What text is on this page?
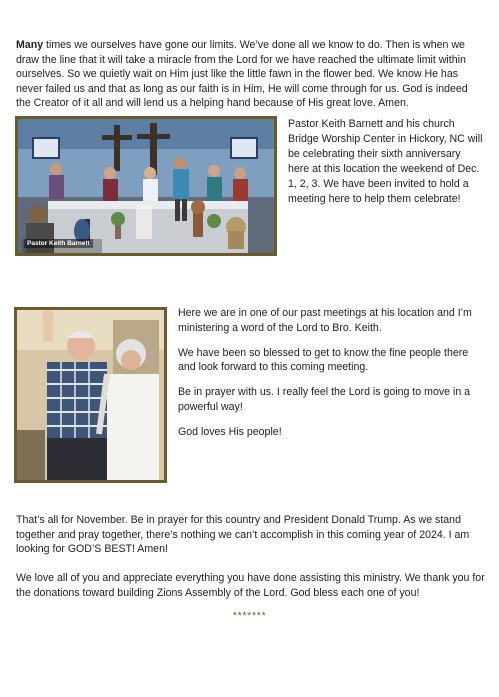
Many times we ourselves have gone our limits. We’ve done all we know to do. Then is when we draw the line that it will take a miracle from the Lord for we have reached the ultimate limit within ourselves. So we quietly wait on Him just like the little fawn in the flower bed. We know He has never failed us and that as long as our faith is in Him, He will come through for us. God is indeed the Creator of it all and will lend us a helping hand because of His great love. Amen.
Pastor Keith Barnett
Pastor Keith Barnett and his church Bridge Worship Center in Hickory, NC will be celebrating their sixth anniversary here at this location the weekend of Dec. 1, 2, 3. We have been invited to hold a meeting here to help them celebrate!

Here we are in one of our past meetings at his location and I’m ministering a word of the Lord to Bro. Keith.

We have been so blessed to get to know the fine people there and look forward to this coming meeting.

Be in prayer with us. I really feel the Lord is going to move in a powerful way!

God loves His people!

That’s all for November. Be in prayer for this country and President Donald Trump. As we stand together and pray together, there’s nothing we can’t accomplish in this coming year of 2024. I am looking for GOD’S BEST! Amen!
We love all of you and appreciate everything you have done assisting this ministry. We thank you for the donations toward building Zions Assembly of the Lord. God bless each one of you!
*******
